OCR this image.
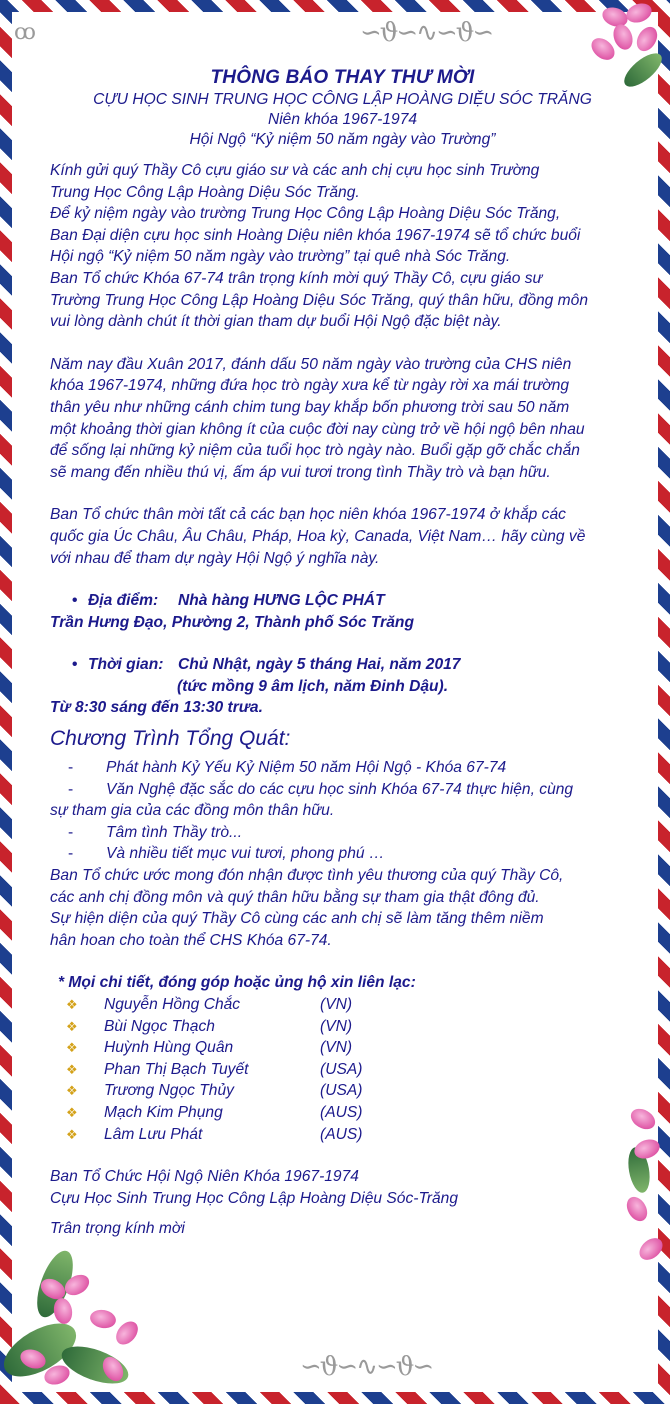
∽ϑ∽∿∽ϑ∽
∽ϑ∽∿∽ϑ∽
ꝏ

THÔNG BÁO THAY THƯ MỜI

CỰU HỌC SINH TRUNG HỌC CÔNG LẬP HOÀNG DIỆU SÓC TRĂNG

Niên khóa 1967-1974

Hội Ngộ “Kỷ niệm 50 năm ngày vào Trường”

Kính gửi quý Thầy Cô cựu giáo sư và các anh chị cựu học sinh Trường

Trung Học Công Lập Hoàng Diệu Sóc Trăng.

Để kỷ niệm ngày vào trường Trung Học Công Lập Hoàng Diệu Sóc Trăng,

Ban Đại diện cựu học sinh Hoàng Diệu niên khóa 1967-1974 sẽ tổ chức buổi

Hội ngộ “Kỷ niệm 50 năm ngày vào trường” tại quê nhà Sóc Trăng.

Ban Tổ chức Khóa 67-74 trân trọng kính mời quý Thầy Cô, cựu giáo sư

Trường Trung Học Công Lập Hoàng Diệu Sóc Trăng, quý thân hữu, đồng môn

vui lòng dành chút ít thời gian tham dự buổi Hội Ngộ đặc biệt này.

Năm nay đầu Xuân 2017, đánh dấu 50 năm ngày vào trường của CHS niên

khóa 1967-1974, những đứa học trò ngày xưa kể từ ngày rời xa mái trường

thân yêu như những cánh chim tung bay khắp bốn phương trời sau 50 năm

một khoảng thời gian không ít của cuộc đời nay cùng trở về hội ngộ bên nhau

để sống lại những kỷ niệm của tuổi học trò ngày nào. Buổi gặp gỡ chắc chắn

sẽ mang đến nhiều thú vị, ấm áp vui tươi trong tình Thầy trò và bạn hữu.

Ban Tổ chức thân mời tất cả các bạn học niên khóa 1967-1974 ở khắp các

quốc gia Úc Châu, Âu Châu, Pháp, Hoa kỳ, Canada, Việt Nam… hãy cùng về

với nhau để tham dự ngày Hội Ngộ ý nghĩa này.

• Địa điểm:	Nhà hàng HƯNG LỘC PHÁT

Trần Hưng Đạo, Phường 2, Thành phố Sóc Trăng

• Thời gian: Chủ Nhật, ngày 5 tháng Hai, năm 2017

(tức mồng 9 âm lịch, năm Đinh Dậu).

Từ 8:30 sáng đến 13:30 trưa.

Chương Trình Tổng Quát:

-	Phát hành Kỷ Yếu Kỷ Niệm 50 năm Hội Ngộ - Khóa 67-74
-	Văn Nghệ đặc sắc do các cựu học sinh Khóa 67-74 thực hiện, cùng

sự tham gia của các đồng môn thân hữu.

-	Tâm tình Thầy trò...
-	Và nhiều tiết mục vui tươi, phong phú …

Ban Tổ chức ước mong đón nhận được tình yêu thương của quý Thầy Cô,

các anh chị đồng môn và quý thân hữu bằng sự tham gia thật đông đủ.

Sự hiện diện của quý Thầy Cô cùng các anh chị sẽ làm tăng thêm niềm

hân hoan cho toàn thể CHS Khóa 67-74.

* Mọi chi tiết, đóng góp hoặc ủng hộ xin liên lạc:

❖	Nguyễn Hồng Chắc	(VN)
❖	Bùi Ngọc Thạch	(VN)
❖	Huỳnh Hùng Quân	(VN)
❖	Phan Thị Bạch Tuyết	(USA)
❖	Trương Ngọc Thủy	(USA)
❖	Mạch Kim Phụng	(AUS)
❖	Lâm Lưu Phát	(AUS)

Ban Tổ Chức Hội Ngộ Niên Khóa 1967-1974

Cựu Học Sinh Trung Học Công Lập Hoàng Diệu Sóc-Trăng

Trân trọng kính mời
